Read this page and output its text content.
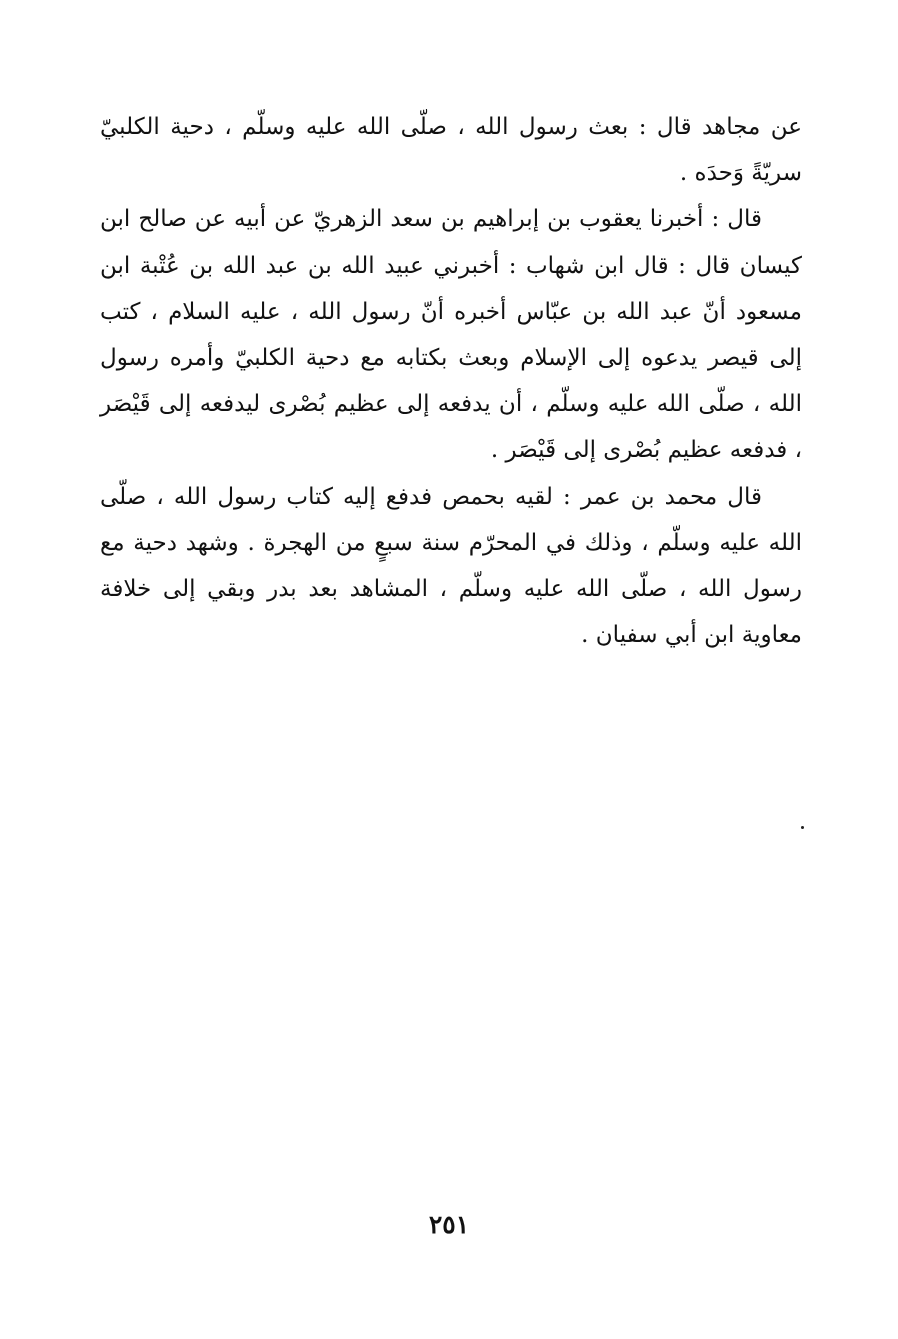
عن مجاهد قال : بعث رسول الله ، صلّى الله عليه وسلّم ، دحية الكلبيّ سريّةً وَحدَه .

قال : أخبرنا يعقوب بن إبراهيم بن سعد الزهريّ عن أبيه عن صالح ابن كيسان قال : قال ابن شهاب : أخبرني عبيد الله بن عبد الله بن عُتْبة ابن مسعود أنّ عبد الله بن عبّاس أخبره أنّ رسول الله ، عليه السلام ، كتب إلى قيصر يدعوه إلى الإسلام وبعث بكتابه مع دحية الكلبيّ وأمره رسول الله ، صلّى الله عليه وسلّم ، أن يدفعه إلى عظيم بُصْرى ليدفعه إلى قَيْصَر ، فدفعه عظيم بُصْرى إلى قَيْصَر .

قال محمد بن عمر : لقيه بحمص فدفع إليه كتاب رسول الله ، صلّى الله عليه وسلّم ، وذلك في المحرّم سنة سبعٍ من الهجرة . وشهد دحية مع رسول الله ، صلّى الله عليه وسلّم ، المشاهد بعد بدر وبقي إلى خلافة معاوية ابن أبي سفيان .

٢٥١
